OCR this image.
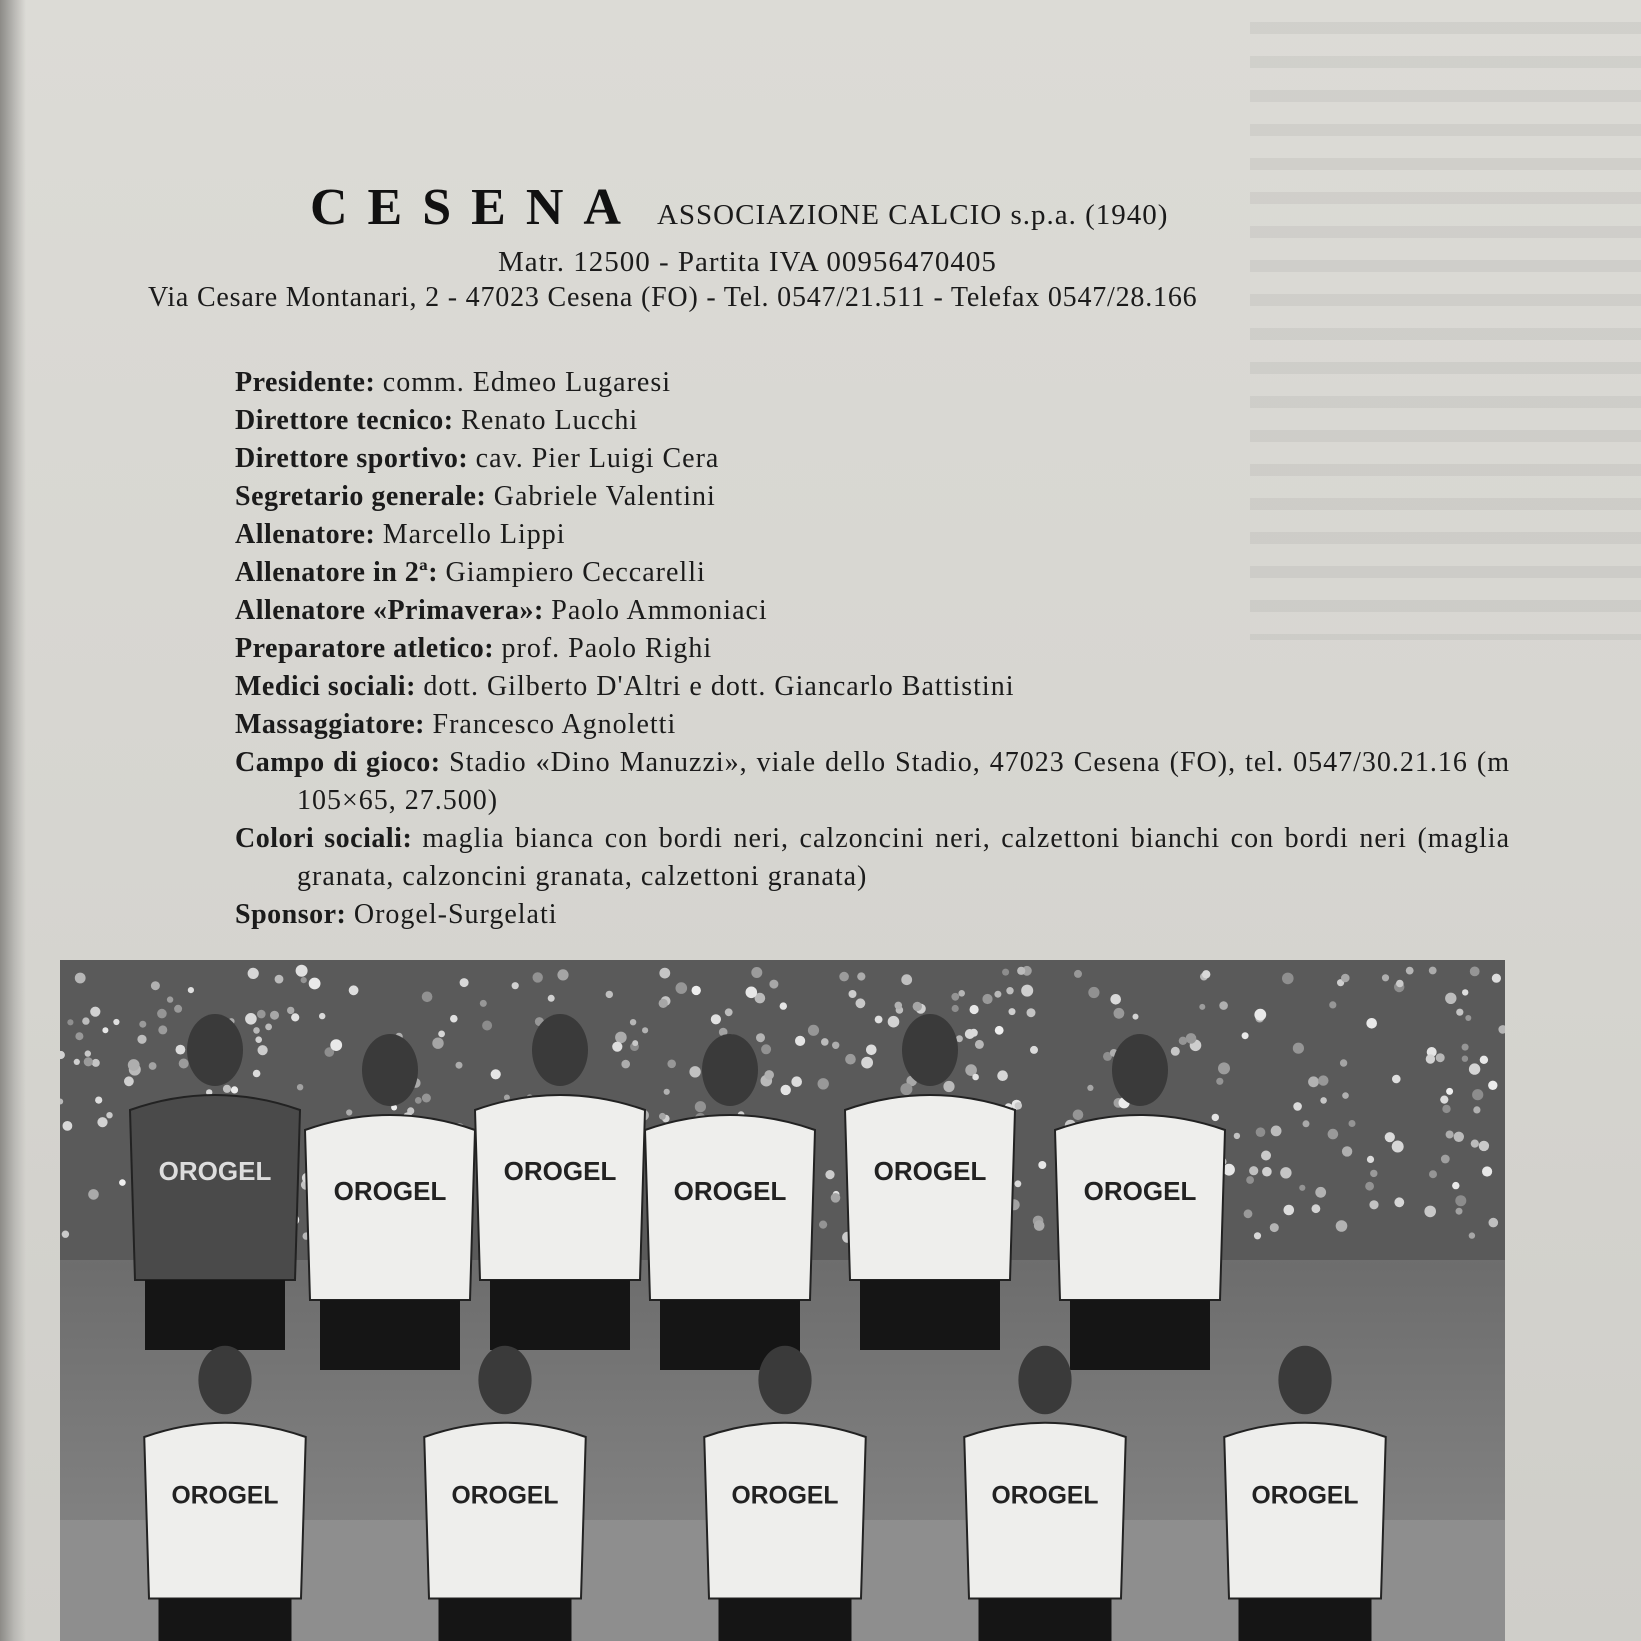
CESENA ASSOCIAZIONE CALCIO s.p.a. (1940)
Matr. 12500 - Partita IVA 00956470405
Via Cesare Montanari, 2 - 47023 Cesena (FO) - Tel. 0547/21.511 - Telefax 0547/28.166
Presidente: comm. Edmeo Lugaresi
Direttore tecnico: Renato Lucchi
Direttore sportivo: cav. Pier Luigi Cera
Segretario generale: Gabriele Valentini
Allenatore: Marcello Lippi
Allenatore in 2ª: Giampiero Ceccarelli
Allenatore «Primavera»: Paolo Ammoniaci
Preparatore atletico: prof. Paolo Righi
Medici sociali: dott. Gilberto D'Altri e dott. Giancarlo Battistini
Massaggiatore: Francesco Agnoletti
Campo di gioco: Stadio «Dino Manuzzi», viale dello Stadio, 47023 Cesena (FO), tel. 0547/30.21.16 (m 105×65, 27.500)
Colori sociali: maglia bianca con bordi neri, calzoncini neri, calzettoni bianchi con bordi neri (maglia granata, calzoncini granata, calzettoni granata)
Sponsor: Orogel-Surgelati
OROGEL
OROGEL
OROGEL
OROGEL
OROGEL
OROGEL
OROGEL	OROGEL	OROGEL	OROGEL	OROGEL
